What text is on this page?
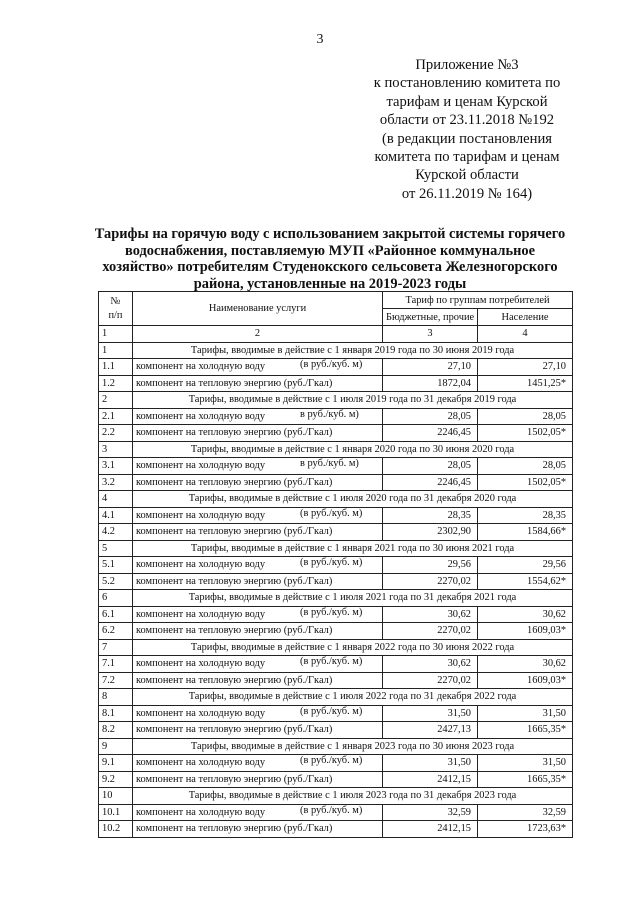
3
Приложение №3
к постановлению комитета по
тарифам и ценам Курской
области от 23.11.2018 №192
(в редакции постановления
комитета по тарифам и ценам
Курской области
от 26.11.2019 № 164)
Тарифы на горячую воду с использованием закрытой системы горячего
водоснабжения, поставляемую МУП «Районное коммунальное
хозяйство» потребителям Студенокского сельсовета Железногорского
района, установленные на 2019-2023 годы
№
п/п	Наименование услуги	Тариф по группам потребителей	
		Бюджетные, прочие	Население
1	2	3	4
1	Тарифы, вводимые в действие с 1 января 2019 года по 30 июня 2019 года		
1.1	компонент на холодную воду (в руб./куб. м)	27,10	27,10
1.2	компонент на тепловую энергию (руб./Гкал)	1872,04	1451,25*
2	Тарифы, вводимые в действие с 1 июля 2019 года по 31 декабря 2019 года		
2.1	компонент на холодную воду в руб./куб. м)	28,05	28,05
2.2	компонент на тепловую энергию (руб./Гкал)	2246,45	1502,05*
3	Тарифы, вводимые в действие с 1 января 2020 года по 30 июня 2020 года		
3.1	компонент на холодную воду в руб./куб. м)	28,05	28,05
3.2	компонент на тепловую энергию (руб./Гкал)	2246,45	1502,05*
4	Тарифы, вводимые в действие с 1 июля 2020 года по 31 декабря 2020 года		
4.1	компонент на холодную воду (в руб./куб. м)	28,35	28,35
4.2	компонент на тепловую энергию (руб./Гкал)	2302,90	1584,66*
5	Тарифы, вводимые в действие с 1 января 2021 года по 30 июня 2021 года		
5.1	компонент на холодную воду (в руб./куб. м)	29,56	29,56
5.2	компонент на тепловую энергию (руб./Гкал)	2270,02	1554,62*
6	Тарифы, вводимые в действие с 1 июля 2021 года по 31 декабря 2021 года		
6.1	компонент на холодную воду (в руб./куб. м)	30,62	30,62
6.2	компонент на тепловую энергию (руб./Гкал)	2270,02	1609,03*
7	Тарифы, вводимые в действие с 1 января 2022 года по 30 июня 2022 года		
7.1	компонент на холодную воду (в руб./куб. м)	30,62	30,62
7.2	компонент на тепловую энергию (руб./Гкал)	2270,02	1609,03*
8	Тарифы, вводимые в действие с 1 июля 2022 года по 31 декабря 2022 года		
8.1	компонент на холодную воду (в руб./куб. м)	31,50	31,50
8.2	компонент на тепловую энергию (руб./Гкал)	2427,13	1665,35*
9	Тарифы, вводимые в действие с 1 января 2023 года по 30 июня 2023 года		
9.1	компонент на холодную воду (в руб./куб. м)	31,50	31,50
9.2	компонент на тепловую энергию (руб./Гкал)	2412,15	1665,35*
10	Тарифы, вводимые в действие с 1 июля 2023 года по 31 декабря 2023 года		
10.1	компонент на холодную воду (в руб./куб. м)	32,59	32,59
10.2	компонент на тепловую энергию (руб./Гкал)	2412,15	1723,63*
